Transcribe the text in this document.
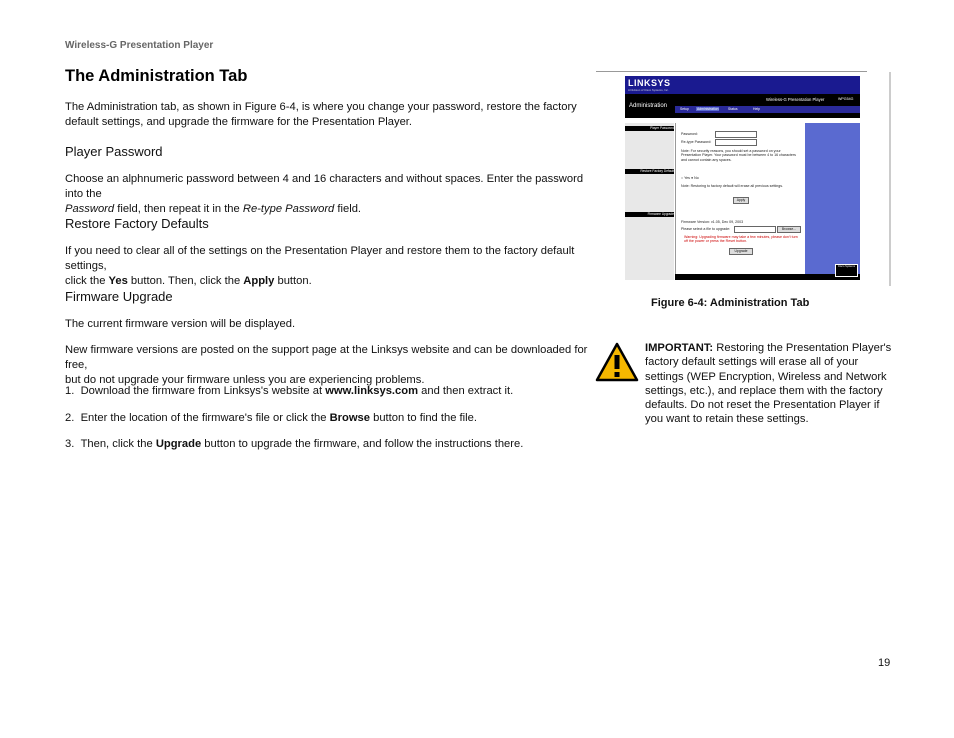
Wireless-G Presentation Player
The Administration Tab
The Administration tab, as shown in Figure 6-4, is where you change your password, restore the factory default settings, and upgrade the firmware for the Presentation Player.
Player Password
Choose an alphnumeric password between 4 and 16 characters and without spaces. Enter the password into the
Password field, then repeat it in the Re-type Password field.
Restore Factory Defaults
If you need to clear all of the settings on the Presentation Player and restore them to the factory default settings,
click the Yes button. Then, click the Apply button.
Firmware Upgrade
The current firmware version will be displayed.
New firmware versions are posted on the support page at the Linksys website and can be downloaded for free,
but do not upgrade your firmware unless you are experiencing problems.
1. Download the firmware from Linksys's website at www.linksys.com and then extract it.
2. Enter the location of the firmware's file or click the Browse button to find the file.
3. Then, click the Upgrade button to upgrade the firmware, and follow the instructions there.
LINKSYS
A Division of Cisco Systems, Inc.
Administration
Wireless-G Presentation Player	WPG54G
Setup Administration	Status	Help
Player Password
Restore Factory Default
Firmware Upgrade
Password:
Re-type Password:
Note: For security reasons, you should set a password on your Presentation Player. Your password must be between 4 to 16 characters and cannot contain any spaces.
○ Yes ● No
Note: Restoring to factory default will erase all previous settings.
Apply
Firmware Version: v1.05, Dec 09, 2003
Please select a file to upgrade:	Browse...
Warning: Upgrading firmware may take a few minutes, please don't turn off the power or press the Reset button.
Upgrade
Cisco Systems
Figure 6-4: Administration Tab
IMPORTANT: Restoring the Presentation Player's factory default settings will erase all of your settings (WEP Encryption, Wireless and Network settings, etc.), and replace them with the factory defaults. Do not reset the Presentation Player if you want to retain these settings.
19
